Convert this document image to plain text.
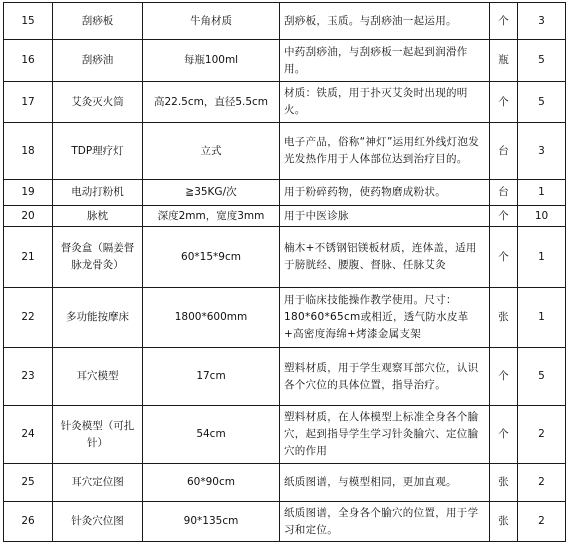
15	刮痧板	牛角材质	刮痧板，玉质。与刮痧油一起运用。	个	3
16	刮痧油	每瓶100ml	中药刮痧油，与刮痧板一起起到润滑作用。	瓶	5
17	艾灸灭火筒	高22.5cm，直径5.5cm	材质：铁质，用于扑灭艾灸时出现的明火。	个	5
18	TDP理疗灯	立式	电子产品，俗称“神灯”运用红外线灯泡发光发热作用于人体部位达到治疗目的。	台	3
19	电动打粉机	≧35KG/次	用于粉碎药物，使药物磨成粉状。	台	1
20	脉枕	深度2mm，宽度3mm	用于中医诊脉	个	10
21	督灸盒（隔姜督脉龙骨灸）	60*15*9cm	楠木+不锈钢铝镁板材质，连体盖，适用于膀胱经、腰腹、督脉、任脉艾灸	个	1
22	多功能按摩床	1800*600mm	用于临床技能操作教学使用。尺寸：180*60*65cm或相近，透气防水皮革+高密度海绵+烤漆金属支架	张	1
23	耳穴模型	17cm	塑料材质，用于学生观察耳部穴位，认识各个穴位的具体位置，指导治疗。	个	5
24	针灸模型（可扎针）	54cm	塑料材质，在人体模型上标准全身各个腧穴，起到指导学生学习针灸腧穴、定位腧穴的作用	个	2
25	耳穴定位图	60*90cm	纸质图谱，与模型相同，更加直观。	张	2
26	针灸穴位图	90*135cm	纸质图谱，全身各个腧穴的位置，用于学习和定位。	张	2
